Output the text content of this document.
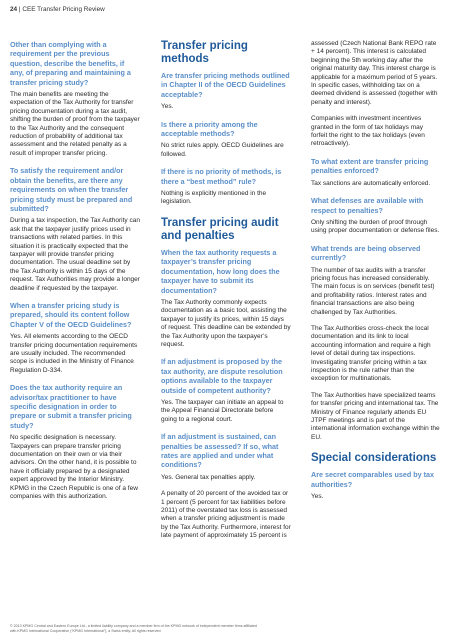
24 | CEE Transfer Pricing Review
Other than complying with a requirement per the previous question, describe the benefits, if any, of preparing and maintaining a transfer pricing study?
The main benefits are meeting the expectation of the Tax Authority for transfer pricing documentation during a tax audit, shifting the burden of proof from the taxpayer to the Tax Authority and the consequent reduction of probability of additional tax assessment and the related penalty as a result of improper transfer pricing.
To satisfy the requirement and/or obtain the benefits, are there any requirements on when the transfer pricing study must be prepared and submitted?
During a tax inspection, the Tax Authority can ask that the taxpayer justify prices used in transactions with related parties. In this situation it is practically expected that the taxpayer will provide transfer pricing documentation. The usual deadline set by the Tax Authority is within 15 days of the request. Tax Authorities may provide a longer deadline if requested by the taxpayer.
When a transfer pricing study is prepared, should its content follow Chapter V of the OECD Guidelines?
Yes. All elements according to the OECD transfer pricing documentation requirements are usually included. The recommended scope is included in the Ministry of Finance Regulation D-334.
Does the tax authority require an advisor/tax practitioner to have specific designation in order to prepare or submit a transfer pricing study?
No specific designation is necessary. Taxpayers can prepare transfer pricing documentation on their own or via their advisors. On the other hand, it is possible to have it officially prepared by a designated expert approved by the Interior Ministry. KPMG in the Czech Republic is one of a few companies with this authorization.
Transfer pricing methods
Are transfer pricing methods outlined in Chapter II of the OECD Guidelines acceptable?
Yes.
Is there a priority among the acceptable methods?
No strict rules apply. OECD Guidelines are followed.
If there is no priority of methods, is there a “best method” rule?
Nothing is explicitly mentioned in the legislation.
Transfer pricing audit and penalties
When the tax authority requests a taxpayer’s transfer pricing documentation, how long does the taxpayer have to submit its documentation?
The Tax Authority commonly expects documentation as a basic tool, assisting the taxpayer to justify its prices, within 15 days of request. This deadline can be extended by the Tax Authority upon the taxpayer’s request.
If an adjustment is proposed by the tax authority, are dispute resolution options available to the taxpayer outside of competent authority?
Yes. The taxpayer can initiate an appeal to the Appeal Financial Directorate before going to a regional court.
If an adjustment is sustained, can penalties be assessed? If so, what rates are applied and under what conditions?
Yes. General tax penalties apply.
A penalty of 20 percent of the avoided tax or 1 percent (5 percent for tax liabilities before 2011) of the overstated tax loss is assessed when a transfer pricing adjustment is made by the Tax Authority. Furthermore, interest for late payment of approximately 15 percent is
assessed (Czech National Bank REPO rate + 14 percent). This interest is calculated beginning the 5th working day after the original maturity day. This interest charge is applicable for a maximum period of 5 years. In specific cases, withholding tax on a deemed dividend is assessed (together with penalty and interest).
Companies with investment incentives granted in the form of tax holidays may forfeit the right to the tax holidays (even retroactively).
To what extent are transfer pricing penalties enforced?
Tax sanctions are automatically enforced.
What defenses are available with respect to penalties?
Only shifting the burden of proof through using proper documentation or defense files.
What trends are being observed currently?
The number of tax audits with a transfer pricing focus has increased considerably. The main focus is on services (benefit test) and profitability ratios. Interest rates and financial transactions are also being challenged by Tax Authorities.
The Tax Authorities cross-check the local documentation and its link to local accounting information and require a high level of detail during tax inspections. Investigating transfer pricing within a tax inspection is the rule rather than the exception for multinationals.
The Tax Authorities have specialized teams for transfer pricing and international tax. The Ministry of Finance regularly attends EU JTPF meetings and is part of the international information exchange within the EU.
Special considerations
Are secret comparables used by tax authorities?
Yes.
© 2013 KPMG Central and Eastern Europe Ltd., a limited liability company and a member firm of the KPMG network of independent member firms affiliated
with KPMG International Cooperative (“KPMG International”), a Swiss entity. All rights reserved.
